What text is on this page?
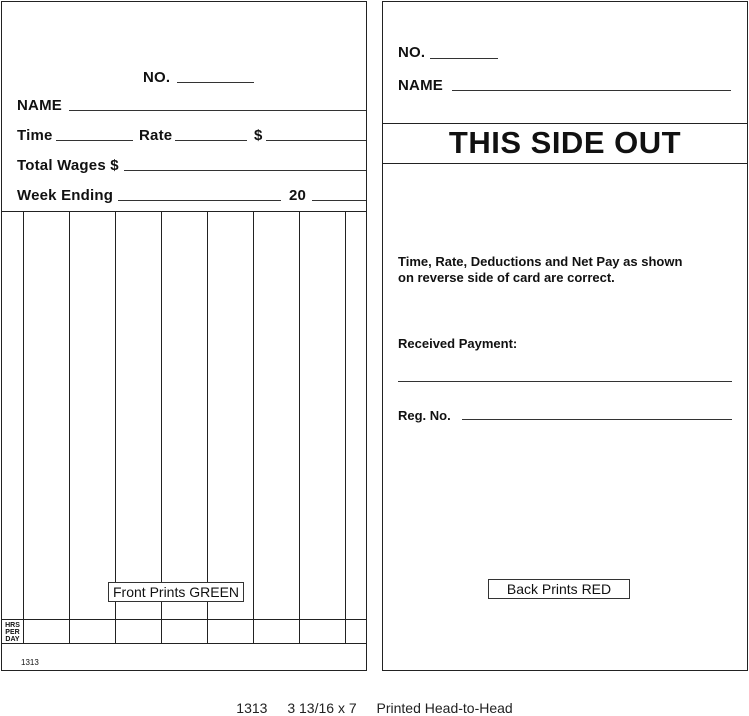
NO.
NAME
Time	Rate	$
Total Wages $
Week Ending	20
HRS
PER
DAY
Front Prints GREEN
1313
NO.
NAME
THIS SIDE OUT
Time, Rate, Deductions and Net Pay as shown
on reverse side of card are correct.
Received Payment:
Reg. No.
Back Prints RED
1313 3 13/16 x 7 Printed Head-to-Head
